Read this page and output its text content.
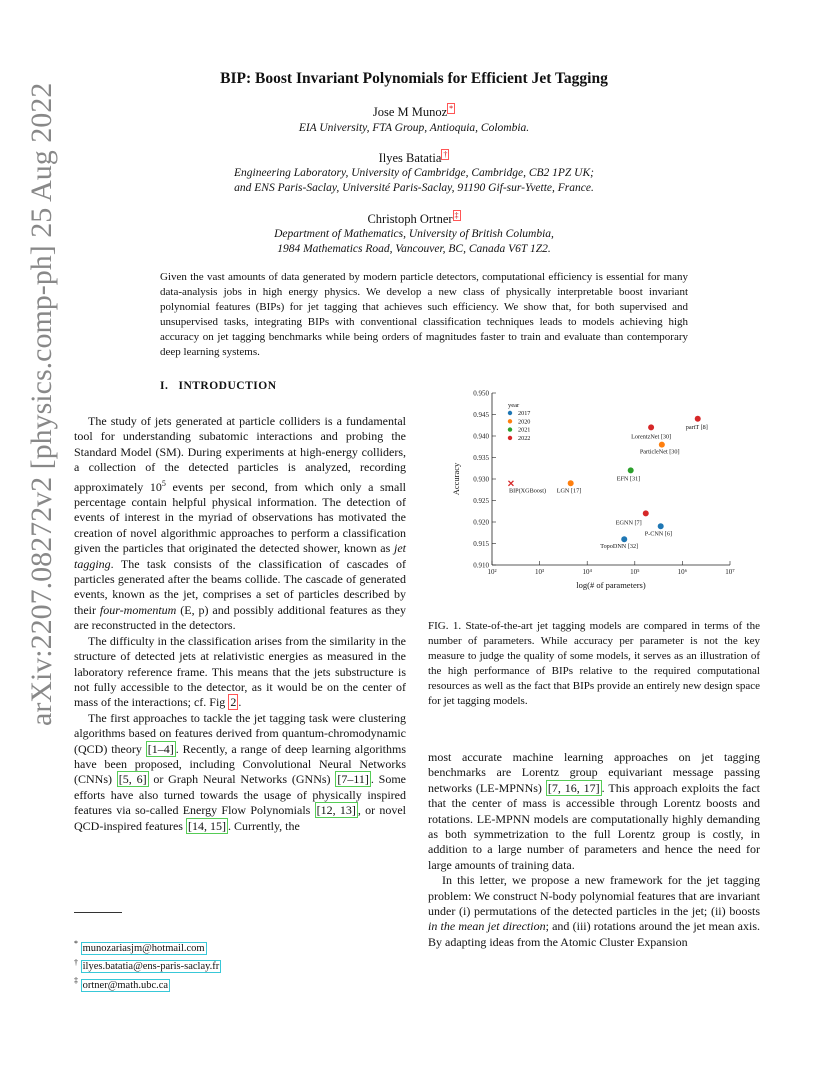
arXiv:2207.08272v2 [physics.comp-ph] 25 Aug 2022
BIP: Boost Invariant Polynomials for Efficient Jet Tagging
Jose M Munoz *
EIA University, FTA Group, Antioquia, Colombia.
Ilyes Batatia †
Engineering Laboratory, University of Cambridge, Cambridge, CB2 1PZ UK;
and ENS Paris-Saclay, Université Paris-Saclay, 91190 Gif-sur-Yvette, France.
Christoph Ortner ‡
Department of Mathematics, University of British Columbia,
1984 Mathematics Road, Vancouver, BC, Canada V6T 1Z2.
Given the vast amounts of data generated by modern particle detectors, computational efficiency is essential for many data-analysis jobs in high energy physics. We develop a new class of physically interpretable boost invariant polynomial features (BIPs) for jet tagging that achieves such efficiency. We show that, for both supervised and unsupervised tasks, integrating BIPs with conventional classification techniques leads to models achieving high accuracy on jet tagging benchmarks while being orders of magnitudes faster to train and evaluate than contemporary deep learning systems.
I. INTRODUCTION

The study of jets generated at particle colliders is a fundamental tool for understanding subatomic interactions and probing the Standard Model (SM). During experiments at high-energy colliders, a collection of the detected particles is analyzed, recording approximately $10^5$ events per second, from which only a small percentage contain helpful physical information. The detection of events of interest in the myriad of observations has motivated the creation of novel algorithmic approaches to perform a classification given the particles that originated the detected shower, known as jet tagging. The task consists of the classification of cascades of particles generated after the beams collide. The cascade of generated events, known as the jet, comprises a set of particles described by their four-momentum (E, p) and possibly additional features as they are reconstructed in the detectors.

The difficulty in the classification arises from the similarity in the structure of detected jets at relativistic energies as measured in the laboratory reference frame. This means that the jets substructure is not fully accessible to the detector, as it would be on the center of mass of the interactions; cf. Fig 2 .

The first approaches to tackle the jet tagging task were clustering algorithms based on features derived from quantum-chromodynamic (QCD) theory [1–4] . Recently, a range of deep learning algorithms have been proposed, including Convolutional Neural Networks (CNNs) [5, 6] or Graph Neural Networks (GNNs) [7–11] . Some efforts have also turned towards the usage of physically inspired features via so-called Energy Flow Polynomials [12, 13] , or novel QCD-inspired features [14, 15] . Currently, the

0.910
0.915
0.920
0.925
0.930
0.935
0.940
0.945
0.950
10²	10³	10⁴	10⁵	10⁶	10⁷
log(# of parameters)
Accuracy	BIP(XGBoost) LGN [17]
EFN [31]
LorentzNet [30]
ParticleNet [30]
partT [8]
EGNN [7]
P-CNN [6]
TopoDNN [32]
year
2017
2020
2021
2022
FIG. 1. State-of-the-art jet tagging models are compared in terms of the number of parameters. While accuracy per parameter is not the key measure to judge the quality of some models, it serves as an illustration of the high performance of BIPs relative to the required computational resources as well as the fact that BIPs provide an entirely new design space for jet tagging models.

most accurate machine learning approaches on jet tagging benchmarks are Lorentz group equivariant message passing networks (LE-MPNNs) [7, 16, 17] . This approach exploits the fact that the center of mass is accessible through Lorentz boosts and rotations. LE-MPNN models are computationally highly demanding as both symmetrization to the full Lorentz group is costly, in addition to a large number of parameters and hence the need for large amounts of training data.

In this letter, we propose a new framework for the jet tagging problem: We construct N-body polynomial features that are invariant under (i) permutations of the detected particles in the jet; (ii) boosts in the mean jet direction; and (iii) rotations around the jet mean axis. By adapting ideas from the Atomic Cluster Expansion

* munozariasjm@hotmail.com
† ilyes.batatia@ens-paris-saclay.fr
‡ ortner@math.ubc.ca
